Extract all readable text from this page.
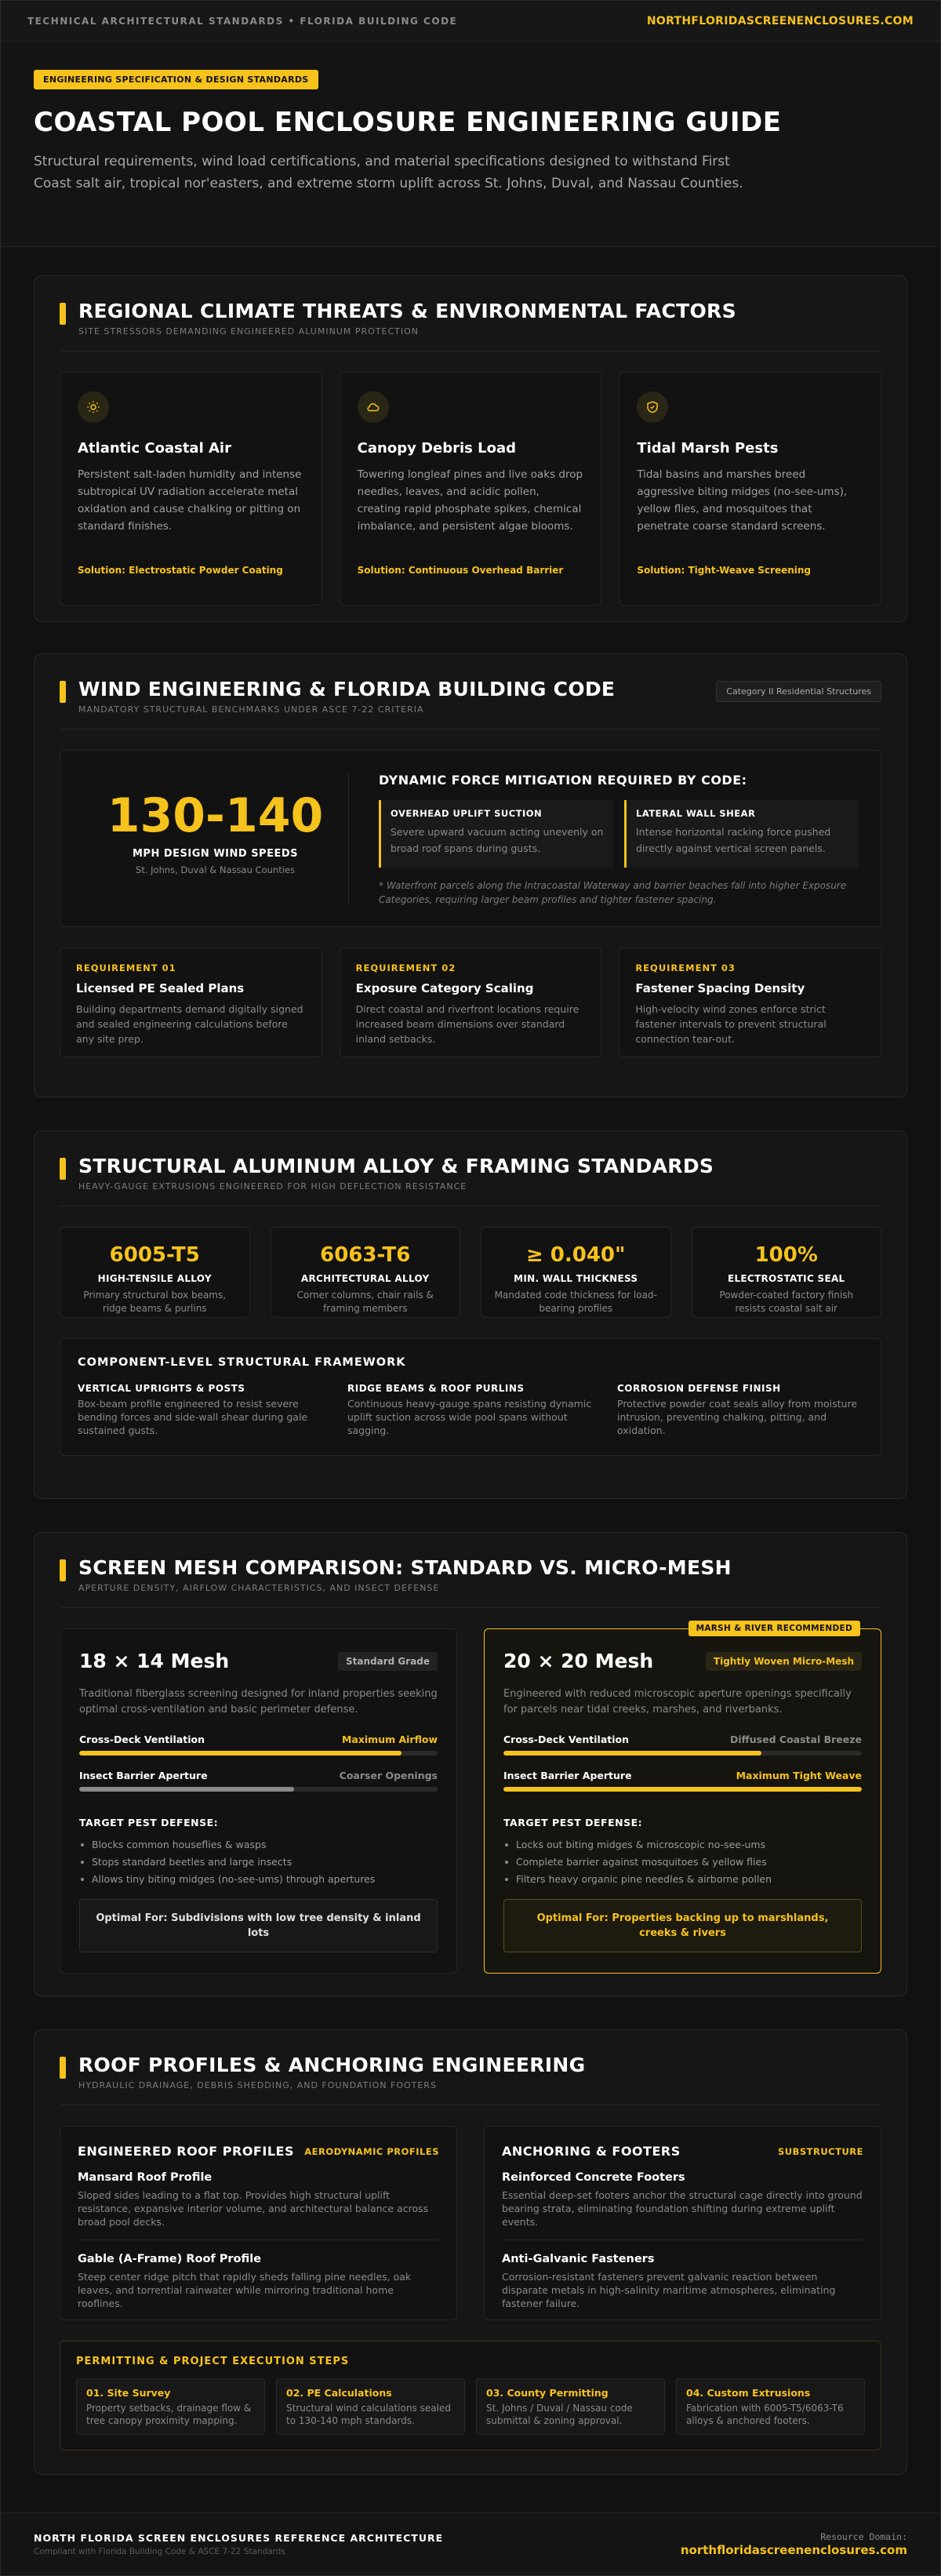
TECHNICAL ARCHITECTURAL STANDARDS • FLORIDA BUILDING CODE	NORTHFLORIDASCREENENCLOSURES.COM
ENGINEERING SPECIFICATION & DESIGN STANDARDS
COASTAL POOL ENCLOSURE ENGINEERING GUIDE

Structural requirements, wind load certifications, and material specifications designed to withstand First Coast salt air, tropical nor'easters, and extreme storm uplift across St. Johns, Duval, and Nassau Counties.

REGIONAL CLIMATE THREATS & ENVIRONMENTAL FACTORS
SITE STRESSORS DEMANDING ENGINEERED ALUMINUM PROTECTION
Atlantic Coastal Air

Persistent salt-laden humidity and intense subtropical UV radiation accelerate metal oxidation and cause chalking or pitting on standard finishes.

Solution: Electrostatic Powder Coating
Canopy Debris Load

Towering longleaf pines and live oaks drop needles, leaves, and acidic pollen, creating rapid phosphate spikes, chemical imbalance, and persistent algae blooms.

Solution: Continuous Overhead Barrier
Tidal Marsh Pests

Tidal basins and marshes breed aggressive biting midges (no-see-ums), yellow flies, and mosquitoes that penetrate coarse standard screens.

Solution: Tight-Weave Screening
WIND ENGINEERING & FLORIDA BUILDING CODE
MANDATORY STRUCTURAL BENCHMARKS UNDER ASCE 7-22 CRITERIA
Category II Residential Structures
130-140
MPH DESIGN WIND SPEEDS
St. Johns, Duval & Nassau Counties
DYNAMIC FORCE MITIGATION REQUIRED BY CODE:
OVERHEAD UPLIFT SUCTION
Severe upward vacuum acting unevenly on broad roof spans during gusts.
LATERAL WALL SHEAR
Intense horizontal racking force pushed directly against vertical screen panels.
* Waterfront parcels along the Intracoastal Waterway and barrier beaches fall into higher Exposure Categories, requiring larger beam profiles and tighter fastener spacing.
REQUIREMENT 01
Licensed PE Sealed Plans
Building departments demand digitally signed and sealed engineering calculations before any site prep.
REQUIREMENT 02
Exposure Category Scaling
Direct coastal and riverfront locations require increased beam dimensions over standard inland setbacks.
REQUIREMENT 03
Fastener Spacing Density
High-velocity wind zones enforce strict fastener intervals to prevent structural connection tear-out.
STRUCTURAL ALUMINUM ALLOY & FRAMING STANDARDS
HEAVY-GAUGE EXTRUSIONS ENGINEERED FOR HIGH DEFLECTION RESISTANCE
6005-T5
HIGH-TENSILE ALLOY
Primary structural box beams, ridge beams & purlins
6063-T6
ARCHITECTURAL ALLOY
Corner columns, chair rails & framing members
≥ 0.040"
MIN. WALL THICKNESS
Mandated code thickness for load-bearing profiles
100%
ELECTROSTATIC SEAL
Powder-coated factory finish resists coastal salt air
COMPONENT-LEVEL STRUCTURAL FRAMEWORK
VERTICAL UPRIGHTS & POSTS
Box-beam profile engineered to resist severe bending forces and side-wall shear during gale sustained gusts.
RIDGE BEAMS & ROOF PURLINS
Continuous heavy-gauge spans resisting dynamic uplift suction across wide pool spans without sagging.
CORROSION DEFENSE FINISH
Protective powder coat seals alloy from moisture intrusion, preventing chalking, pitting, and oxidation.
SCREEN MESH COMPARISON: STANDARD VS. MICRO-MESH
APERTURE DENSITY, AIRFLOW CHARACTERISTICS, AND INSECT DEFENSE
18 × 14 Mesh	Standard Grade
Traditional fiberglass screening designed for inland properties seeking optimal cross-ventilation and basic perimeter defense.
Cross-Deck Ventilation	Maximum Airflow
Insect Barrier Aperture	Coarser Openings
TARGET PEST DEFENSE:
Blocks common houseflies & wasps
Stops standard beetles and large insects
Allows tiny biting midges (no-see-ums) through apertures
Optimal For: Subdivisions with low tree density & inland lots
MARSH & RIVER RECOMMENDED
20 × 20 Mesh	Tightly Woven Micro-Mesh
Engineered with reduced microscopic aperture openings specifically for parcels near tidal creeks, marshes, and riverbanks.
Cross-Deck Ventilation	Diffused Coastal Breeze
Insect Barrier Aperture	Maximum Tight Weave
TARGET PEST DEFENSE:
Locks out biting midges & microscopic no-see-ums
Complete barrier against mosquitoes & yellow flies
Filters heavy organic pine needles & airborne pollen
Optimal For: Properties backing up to marshlands, creeks & rivers
ROOF PROFILES & ANCHORING ENGINEERING
HYDRAULIC DRAINAGE, DEBRIS SHEDDING, AND FOUNDATION FOOTERS
ENGINEERED ROOF PROFILES AERODYNAMIC PROFILES
Mansard Roof Profile
Sloped sides leading to a flat top. Provides high structural uplift resistance, expansive interior volume, and architectural balance across broad pool decks.
Gable (A-Frame) Roof Profile
Steep center ridge pitch that rapidly sheds falling pine needles, oak leaves, and torrential rainwater while mirroring traditional home rooflines.
ANCHORING & FOOTERS	SUBSTRUCTURE
Reinforced Concrete Footers
Essential deep-set footers anchor the structural cage directly into ground bearing strata, eliminating foundation shifting during extreme uplift events.
Anti-Galvanic Fasteners
Corrosion-resistant fasteners prevent galvanic reaction between disparate metals in high-salinity maritime atmospheres, eliminating fastener failure.
PERMITTING & PROJECT EXECUTION STEPS
01. Site Survey
Property setbacks, drainage flow & tree canopy proximity mapping.
02. PE Calculations
Structural wind calculations sealed to 130-140 mph standards.
03. County Permitting
St. Johns / Duval / Nassau code submittal & zoning approval.
04. Custom Extrusions
Fabrication with 6005-T5/6063-T6 alloys & anchored footers.
NORTH FLORIDA SCREEN ENCLOSURES REFERENCE ARCHITECTURE
Compliant with Florida Building Code & ASCE 7-22 Standards
Resource Domain:
northfloridascreenenclosures.com
